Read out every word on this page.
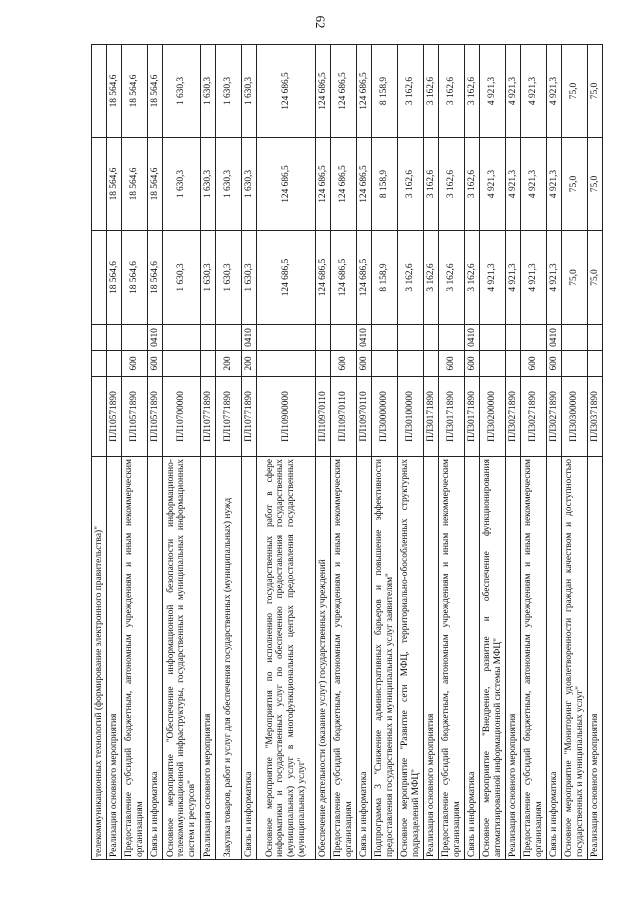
62
телекоммуникационных технологий (формирование электронного правительства)"						
Реализация основного мероприятия	ПЛ10571890			18 564,6	18 564,6	18 564,6
Предоставление субсидий бюджетным, автономным учреждениям и иным некоммерческим организациям	ПЛ10571890	600		18 564,6	18 564,6	18 564,6
Связь и информатика	ПЛ10571890	600	0410	18 564,6	18 564,6	18 564,6
Основное мероприятие "Обеспечение информационной безопасности информационно-телекоммуникационной инфраструктуры, государственных и муниципальных информационных систем и ресурсов"	ПЛ10700000			1 630,3	1 630,3	1 630,3
Реализация основного мероприятия	ПЛ10771890			1 630,3	1 630,3	1 630,3
Закупка товаров, работ и услуг для обеспечения государственных (муниципальных) нужд	ПЛ10771890	200		1 630,3	1 630,3	1 630,3
Связь и информатика	ПЛ10771890	200	0410	1 630,3	1 630,3	1 630,3
Основное мероприятие "Мероприятия по исполнению государственных работ в сфере информатики и государственных услуг по обеспечению предоставления государственных (муниципальных) услуг в многофункциональных центрах предоставления государственных (муниципальных) услуг"	ПЛ10900000			124 686,5	124 686,5	124 686,5
Обеспечение деятельности (оказание услуг) государственных учреждений	ПЛ10970110			124 686,5	124 686,5	124 686,5
Предоставление субсидий бюджетным, автономным учреждениям и иным некоммерческим организациям	ПЛ10970110	600		124 686,5	124 686,5	124 686,5
Связь и информатика	ПЛ10970110	600	0410	124 686,5	124 686,5	124 686,5
Подпрограмма 3 "Снижение административных барьеров и повышение эффективности предоставления государственных и муниципальных услуг заявителям"	ПЛ30000000			8 158,9	8 158,9	8 158,9
Основное мероприятие "Развитие сети МФЦ, территориально-обособленных структурных подразделений МФЦ"	ПЛ30100000			3 162,6	3 162,6	3 162,6
Реализация основного мероприятия	ПЛ30171890			3 162,6	3 162,6	3 162,6
Предоставление субсидий бюджетным, автономным учреждениям и иным некоммерческим организациям	ПЛ30171890	600		3 162,6	3 162,6	3 162,6
Связь и информатика	ПЛ30171890	600	0410	3 162,6	3 162,6	3 162,6
Основное мероприятие "Внедрение, развитие и обеспечение функционирования автоматизированной информационной системы МФЦ"	ПЛ30200000			4 921,3	4 921,3	4 921,3
Реализация основного мероприятия	ПЛ30271890			4 921,3	4 921,3	4 921,3
Предоставление субсидий бюджетным, автономным учреждениям и иным некоммерческим организациям	ПЛ30271890	600		4 921,3	4 921,3	4 921,3
Связь и информатика	ПЛ30271890	600	0410	4 921,3	4 921,3	4 921,3
Основное мероприятие "Мониторинг удовлетворенности граждан качеством и доступностью государственных и муниципальных услуг"	ПЛ30300000			75,0	75,0	75,0
Реализация основного мероприятия	ПЛ30371890			75,0	75,0	75,0
